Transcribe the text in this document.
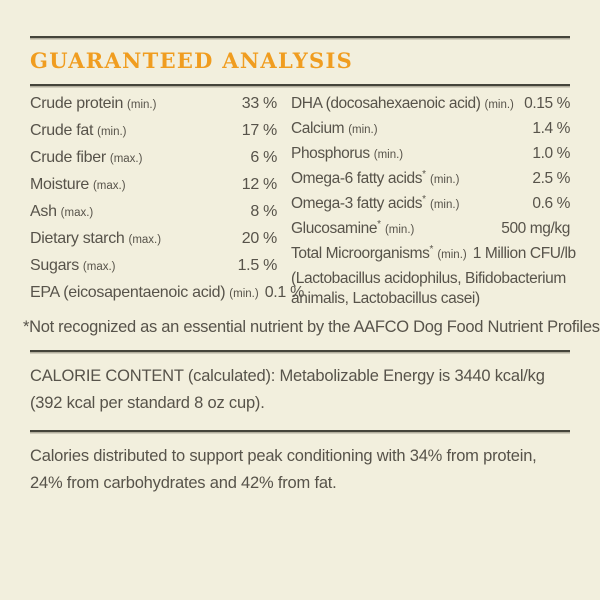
GUARANTEED ANALYSIS
Crude protein (min.)	33 %
Crude fat (min.)	17 %
Crude fiber (max.)	6 %
Moisture (max.)	12 %
Ash (max.)	8 %
Dietary starch (max.)	20 %
Sugars (max.)	1.5 %
EPA (eicosapentaenoic acid) (min.) 0.1 %
DHA (docosahexaenoic acid) (min.) 0.15 %
Calcium (min.)	1.4 %
Phosphorus (min.)	1.0 %
Omega-6 fatty acids* (min.)	2.5 %
Omega-3 fatty acids* (min.)	0.6 %
Glucosamine* (min.)	500 mg/kg
Total Microorganisms* (min.) 1 Million CFU/lb
(Lactobacillus acidophilus, Bifidobacterium
animalis, Lactobacillus casei)
*Not recognized as an essential nutrient by the AAFCO Dog Food Nutrient Profiles
CALORIE CONTENT (calculated): Metabolizable Energy is 3440 kcal/kg (392 kcal per standard 8 oz cup).
Calories distributed to support peak conditioning with 34% from protein, 24% from carbohydrates and 42% from fat.
